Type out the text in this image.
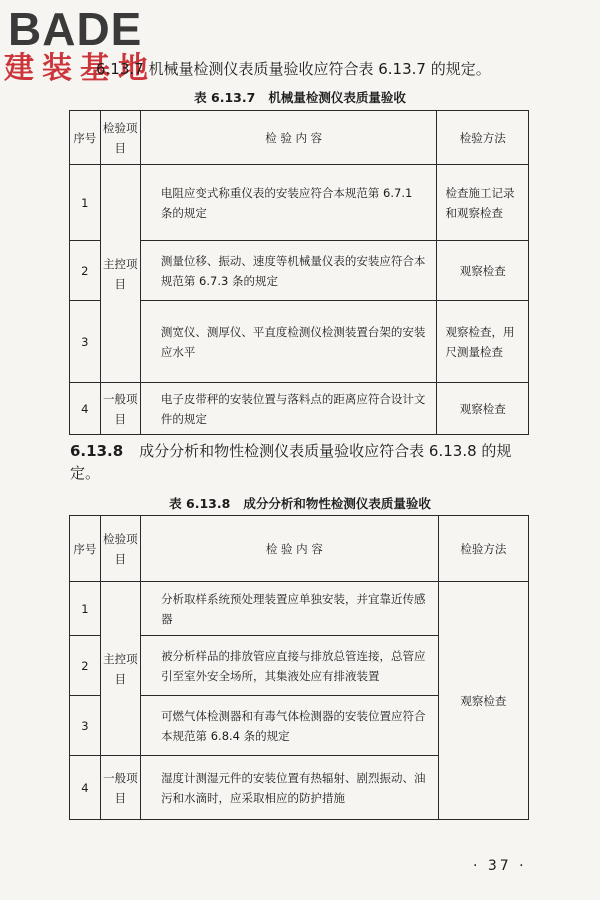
BADE
建装基地
6.13.7 机械量检测仪表质量验收应符合表 6.13.7 的规定。
表 6.13.7   机械量检测仪表质量验收
序号	检验项目	检 验 内 容	检验方法
1	主控项目	电阻应变式称重仪表的安装应符合本规范第 6.7.1 条的规定	检查施工记录和观察检查
2		测量位移、振动、速度等机械量仪表的安装应符合本规范第 6.7.3 条的规定	观察检查
3		测宽仪、测厚仪、平直度检测仪检测装置台架的安装应水平	观察检查，用尺测量检查
4	一般项目	电子皮带秤的安装位置与落料点的距离应符合设计文件的规定	观察检查
6.13.8 成分分析和物性检测仪表质量验收应符合表 6.13.8 的规定。
表 6.13.8   成分分析和物性检测仪表质量验收
序号	检验项目	检 验 内 容	检验方法
1	主控项目	分析取样系统预处理装置应单独安装，并宜靠近传感器	观察检查
2		被分析样品的排放管应直接与排放总管连接，总管应引至室外安全场所，其集液处应有排液装置	
3		可燃气体检测器和有毒气体检测器的安装位置应符合本规范第 6.8.4 条的规定	
4	一般项目	湿度计测湿元件的安装位置有热辐射、剧烈振动、油污和水滴时，应采取相应的防护措施	
· 37 ·
